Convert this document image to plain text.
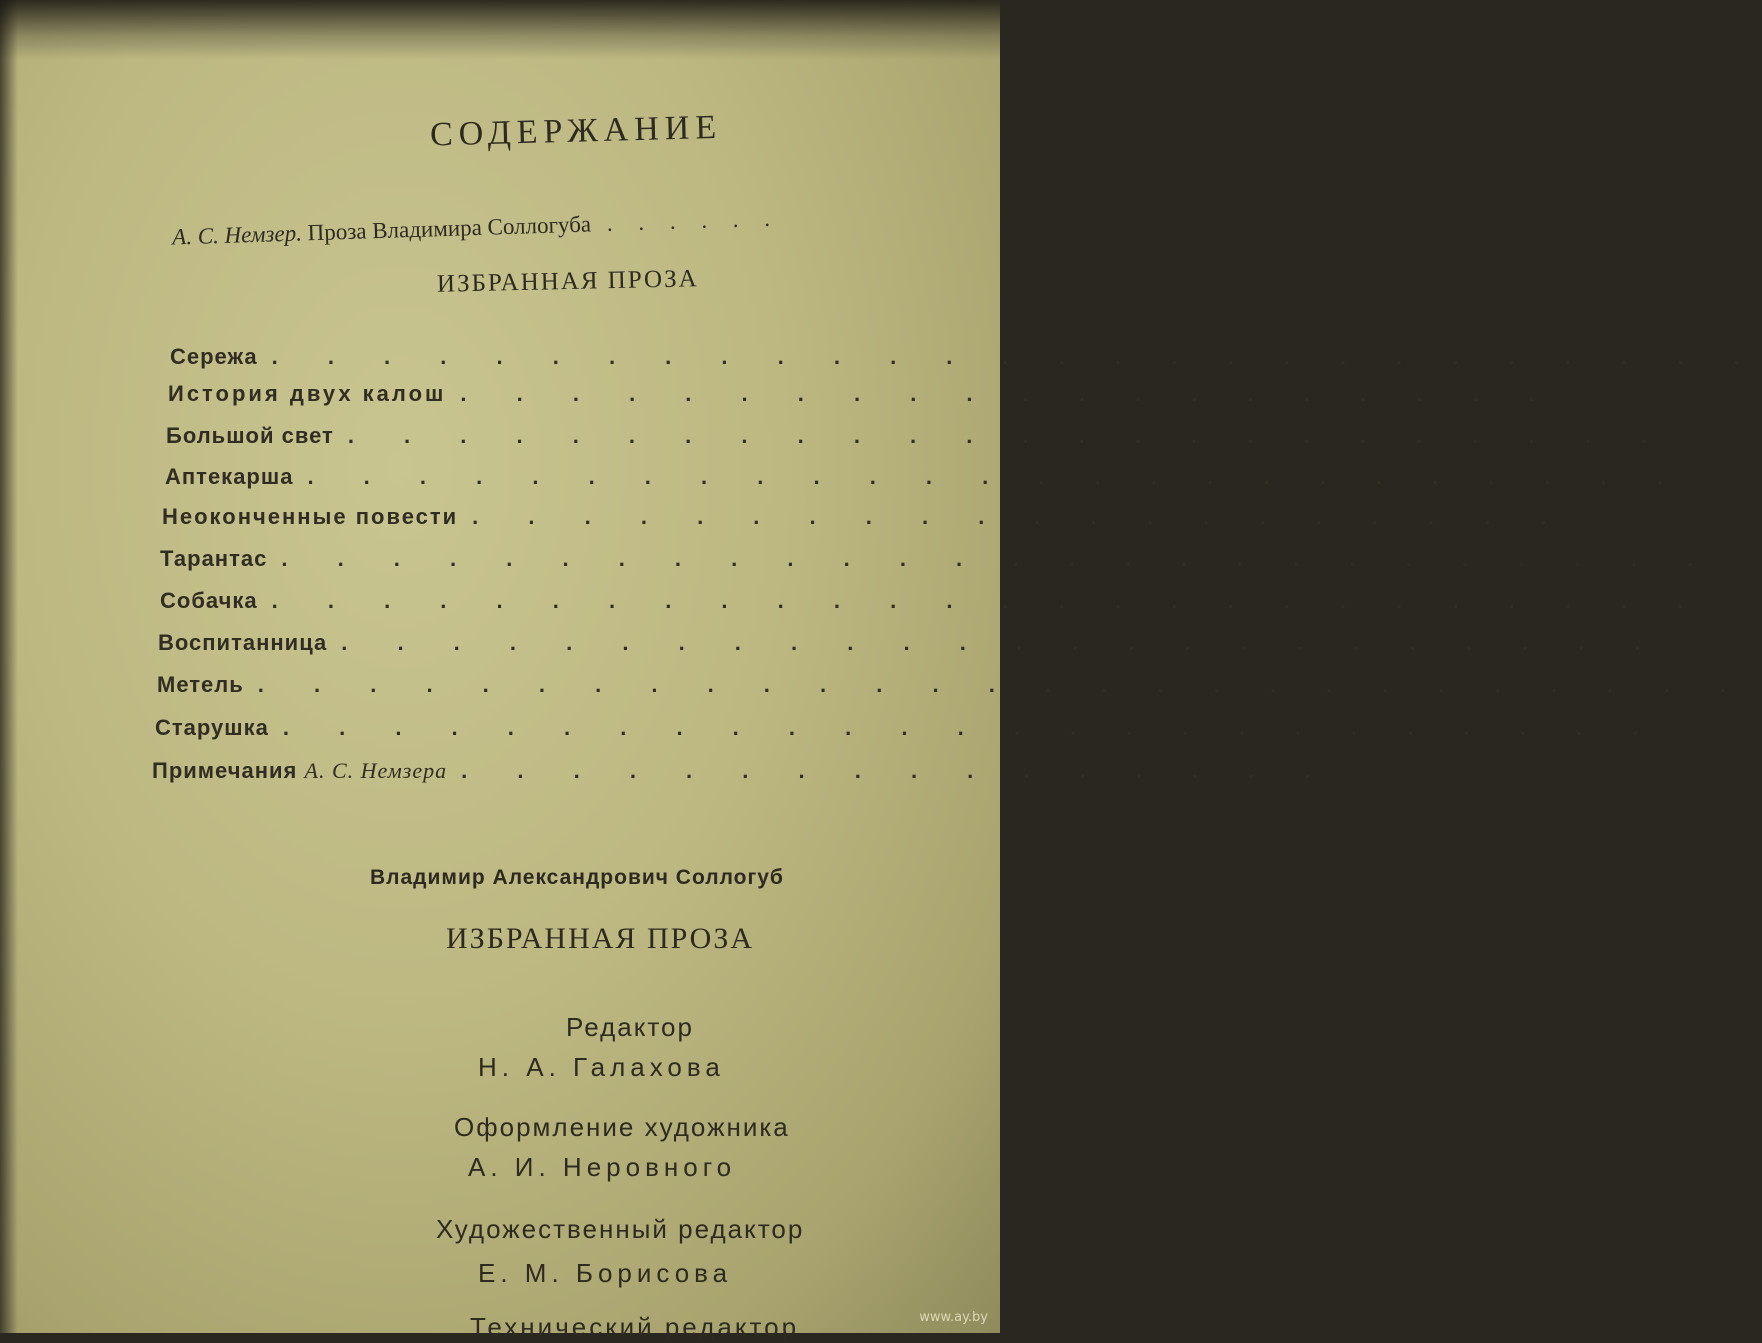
СОДЕРЖАНИЕ
А. С. Немзер. Проза Владимира Соллогуба . . . . . .
ИЗБРАННАЯ ПРОЗА
Сережа . . . . . . . . . . . . . . . . . . . . . . . . . . .
История двух калош . . . . . . . . . . . . . . . . . . . .
Большой свет . . . . . . . . . . . . . . . . . . . . . . . .
Аптекарша . . . . . . . . . . . . . . . . . . . . . . . . .
Неоконченные повести . . . . . . . . . . . . . . . . . . . .
Тарантас . . . . . . . . . . . . . . . . . . . . . . . . . .
Собачка . . . . . . . . . . . . . . . . . . . . . . . . . .
Воспитанница . . . . . . . . . . . . . . . . . . . . . . . .
Метель . . . . . . . . . . . . . . . . . . . . . . . . . . .
Старушка . . . . . . . . . . . . . . . . . . . . . . . . .
Примечания А. С. Немзера . . . . . . . . . . . . . . . .
Владимир Александрович Соллогуб
ИЗБРАННАЯ ПРОЗА
Редактор
Н. А. Галахова
Оформление художника
А. И. Неровного
Художественный редактор
Е. М. Борисова
Технический редактор	www.ay.by
